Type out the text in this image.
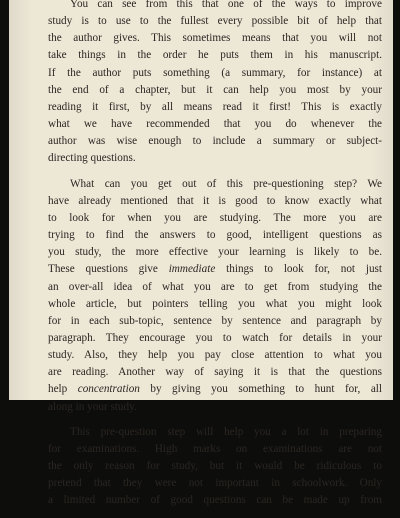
You can see from this that one of the ways to improve
study is to use to the fullest every possible bit of help that
the author gives. This sometimes means that you will not
take things in the order he puts them in his manuscript.
If the author puts something (a summary, for instance) at
the end of a chapter, but it can help you most by your
reading it first, by all means read it first! This is exactly
what we have recommended that you do whenever the
author was wise enough to include a summary or subject-
directing questions.
What can you get out of this pre-questioning step? We
have already mentioned that it is good to know exactly what
to look for when you are studying. The more you are
trying to find the answers to good, intelligent questions as
you study, the more effective your learning is likely to be.
These questions give immediate things to look for, not just
an over-all idea of what you are to get from studying the
whole article, but pointers telling you what you might look
for in each sub-topic, sentence by sentence and paragraph by
paragraph. They encourage you to watch for details in your
study. Also, they help you pay close attention to what you
are reading. Another way of saying it is that the questions
help concentration by giving you something to hunt for, all
along in your study.
This pre-question step will help you a lot in preparing
for examinations. High marks on examinations are not
the only reason for study, but it would be ridiculous to
pretend that they were not important in schoolwork. Only
a limited number of good questions can be made up from
